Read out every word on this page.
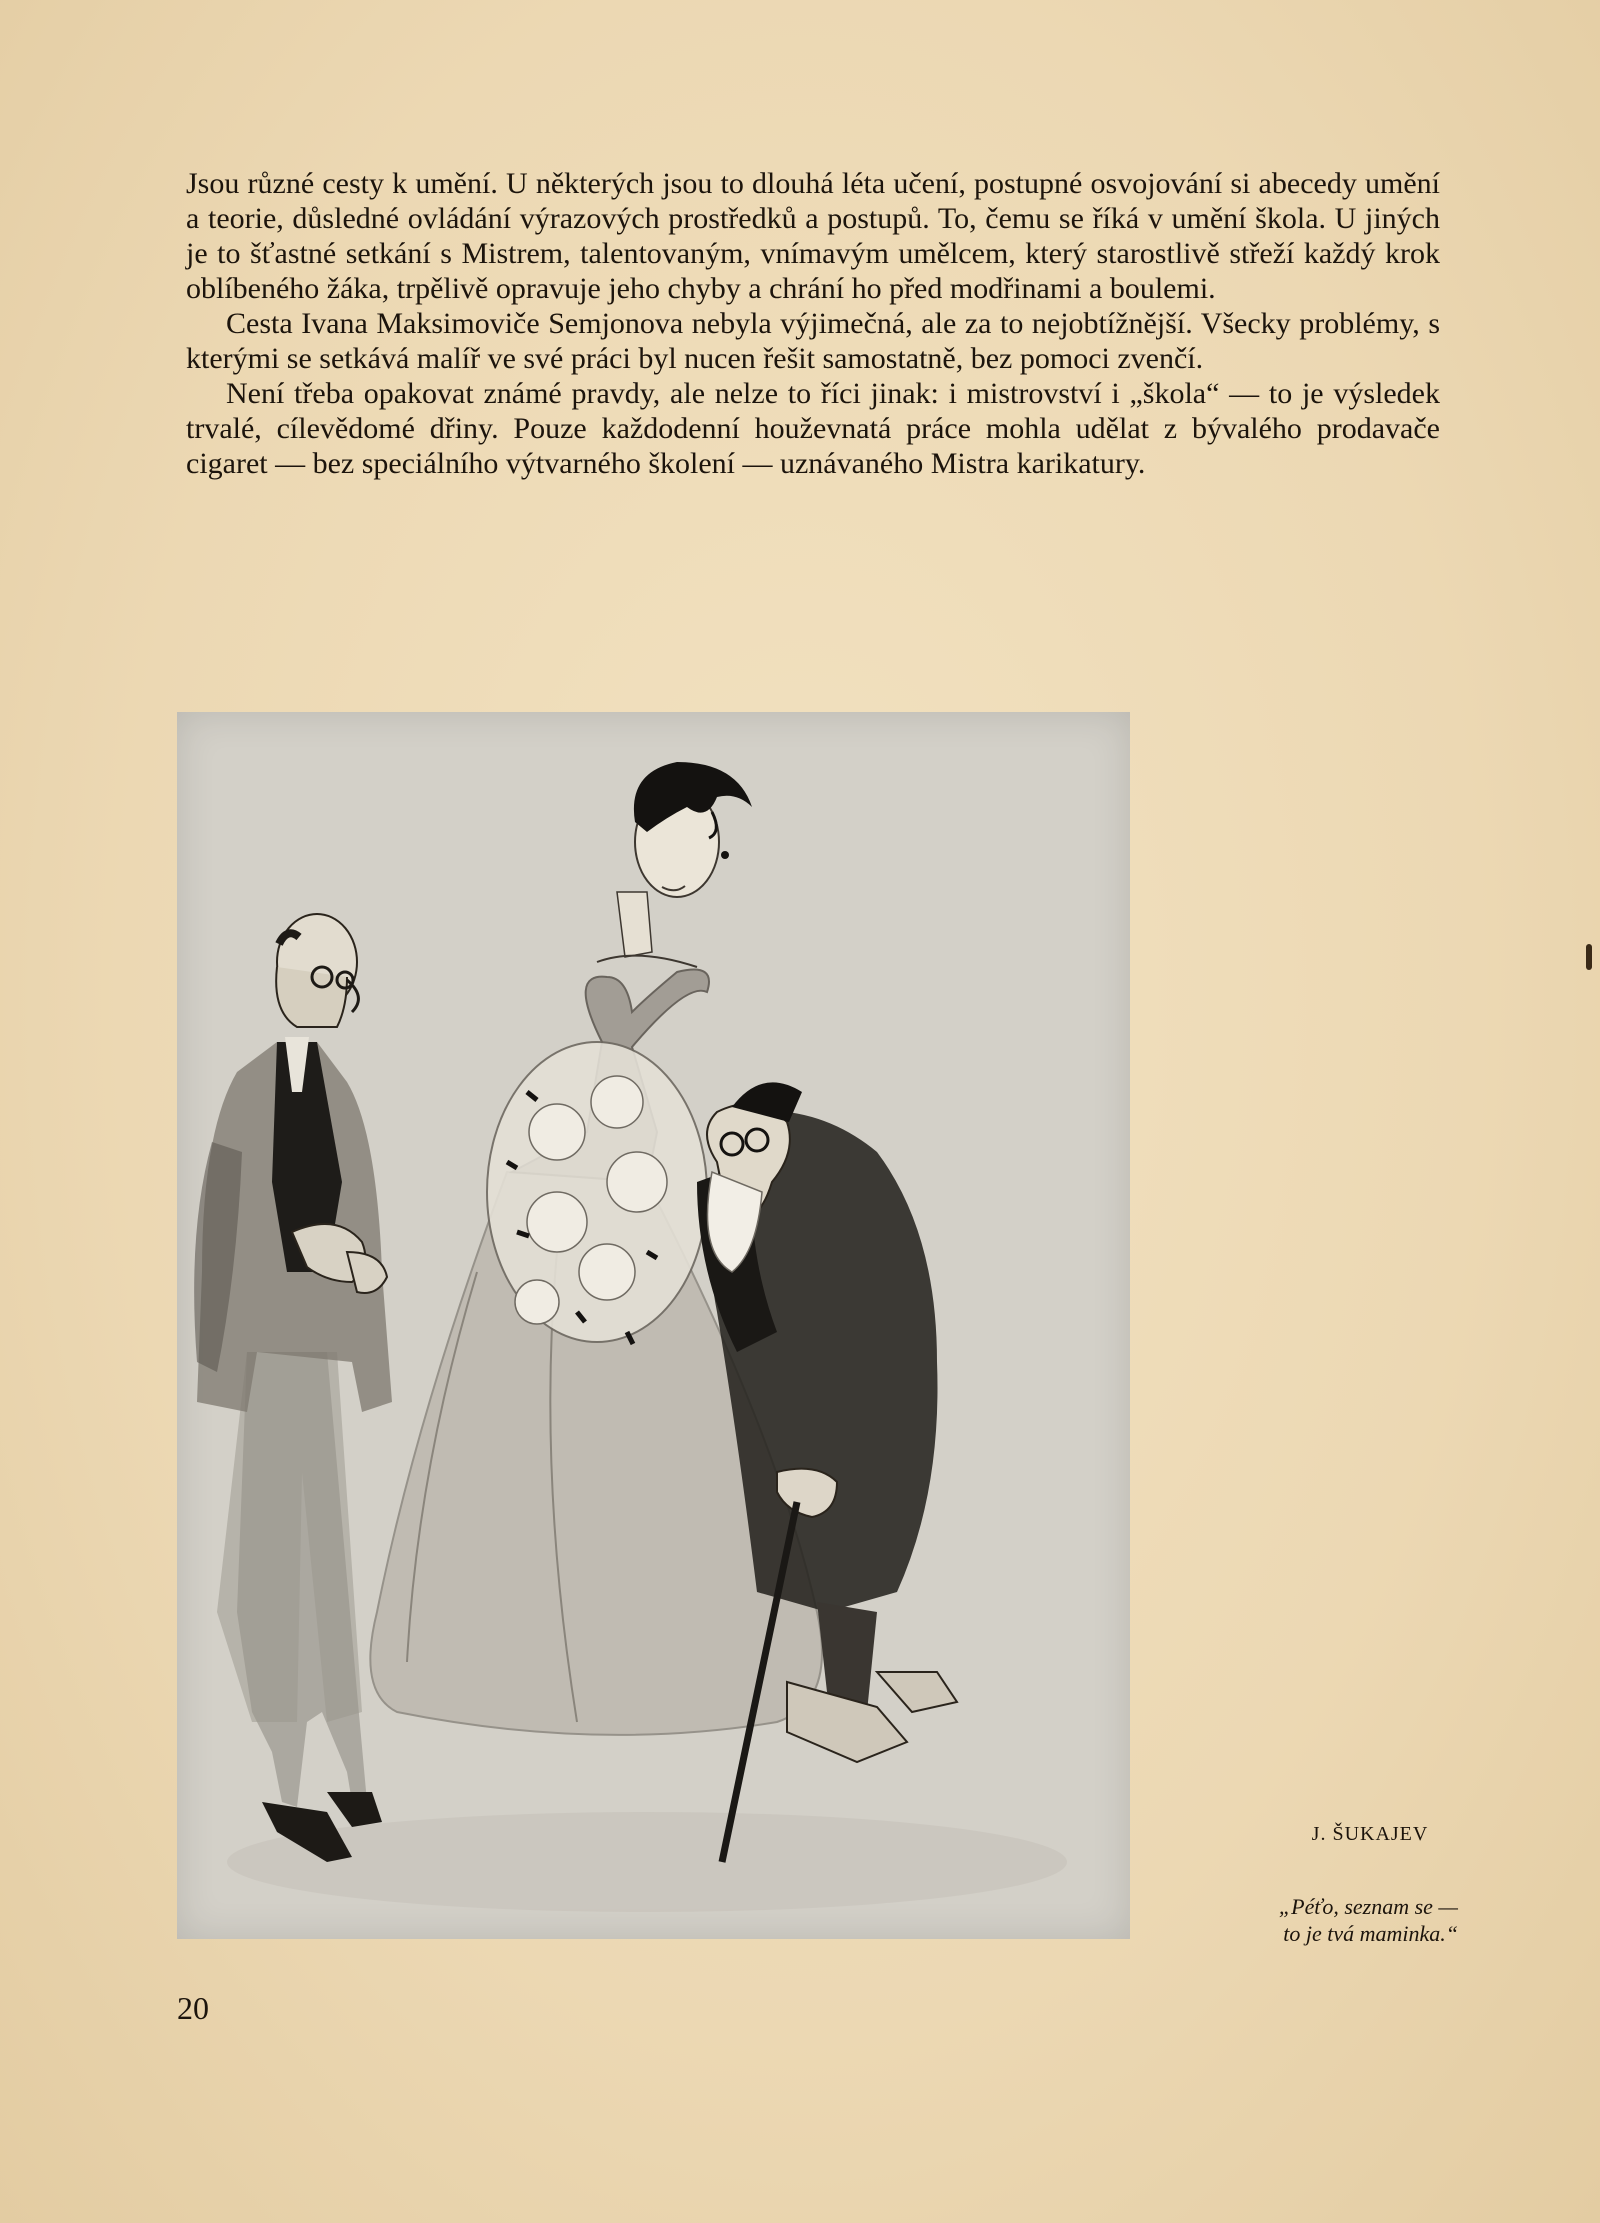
Jsou různé cesty k umění. U některých jsou to dlouhá léta učení, postupné osvojování si abecedy umění a teorie, důsledné ovládání výrazových prostředků a postupů. To, čemu se říká v umění škola. U jiných je to šťastné setkání s Mistrem, talentovaným, vnímavým umělcem, který starostlivě střeží každý krok oblíbeného žáka, trpělivě opravuje jeho chyby a chrání ho před modřinami a boulemi.

Cesta Ivana Maksimoviče Semjonova nebyla výjimečná, ale za to nejobtížnější. Všecky problémy, s kterými se setkává malíř ve své práci byl nucen řešit samostatně, bez pomoci zvenčí.

Není třeba opakovat známé pravdy, ale nelze to říci jinak: i mistrovství i „škola“ — to je výsledek trvalé, cílevědomé dřiny. Pouze každodenní houževnatá práce mohla udělat z bývalého prodavače cigaret — bez speciálního výtvarného školení — uznávaného Mistra karikatury.

J. ŠUKAJEV
„Péťo, seznam se —
to je tvá maminka.“
20
